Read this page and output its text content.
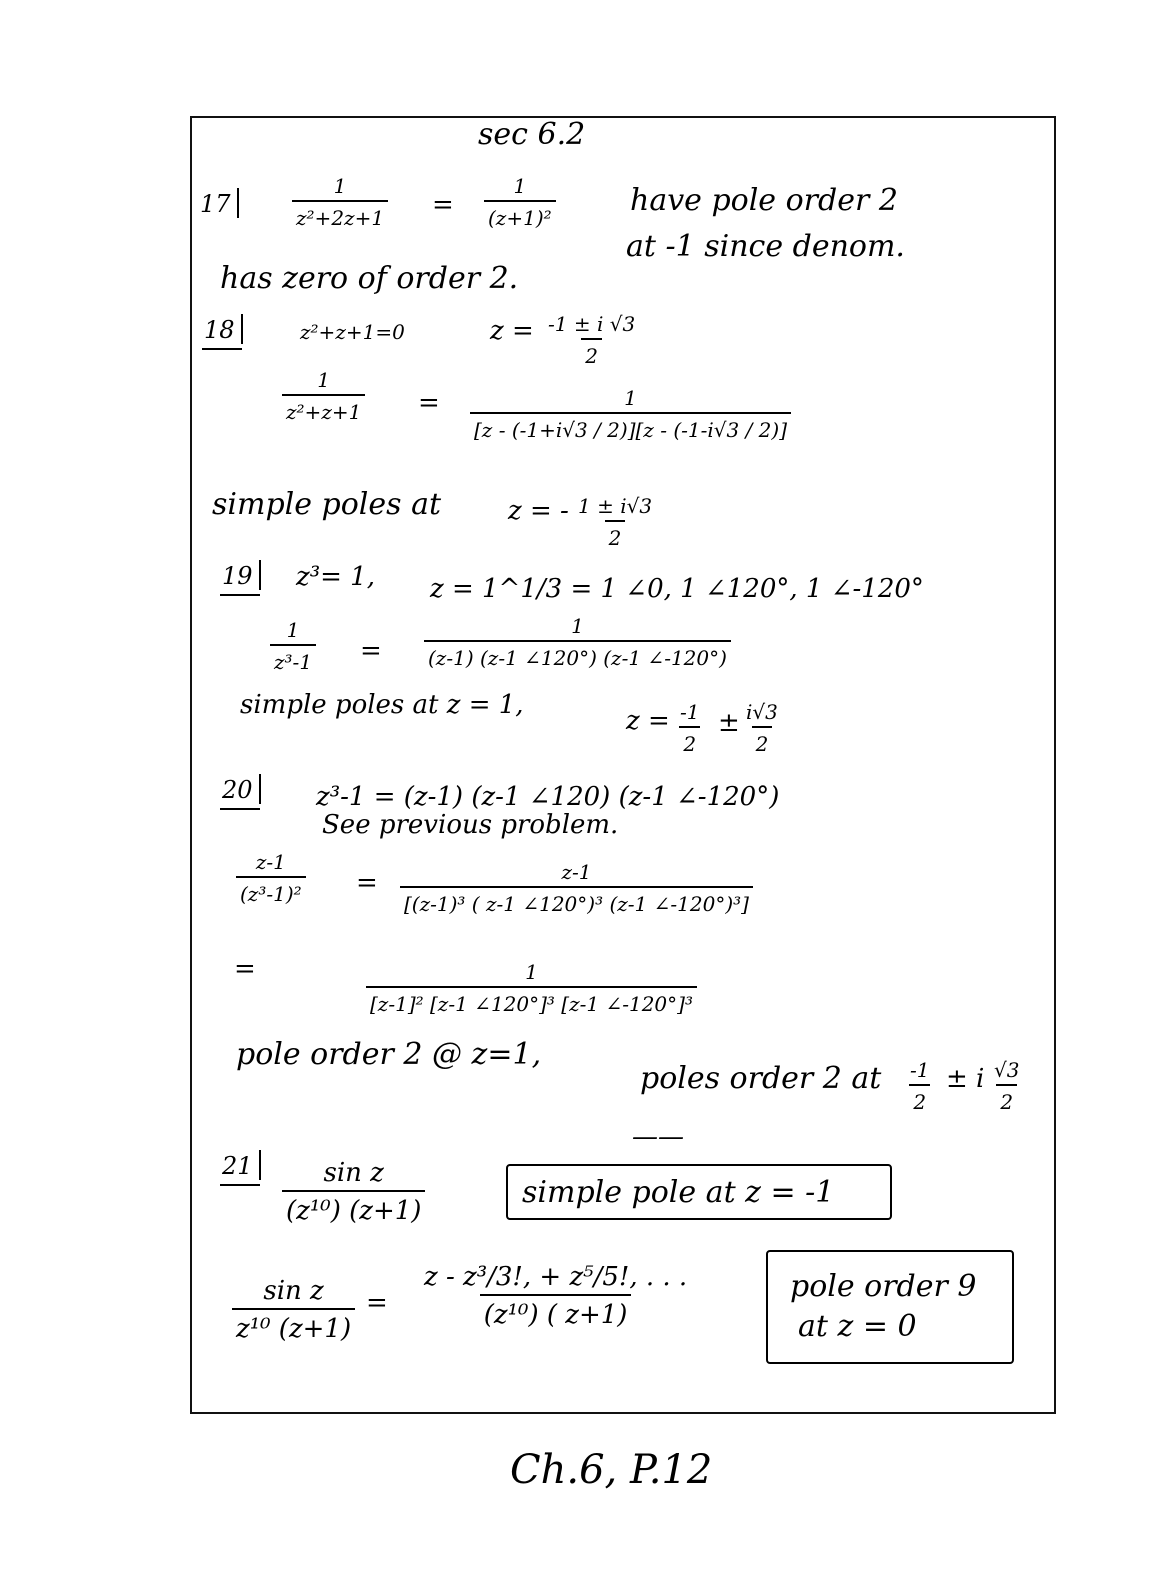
sec 6.2
17	$\frac{1}{\text{z²+2z+1}} = \frac{1}{\text{(z+1)²}}$ have pole order 2
at -1 since denom.
has zero of order 2.
18	z²+z+1=0	$z = \frac{-1 \pm i √3}{2}$
$\frac{1}{\text{z²+z+1}} = \frac{1}{[z - (-1+i√3 / 2)][z - (-1-i√3 / 2)]}$
simple poles at	z = - $\frac{1 \pm i√3}{2}$
19 z³= 1, z = 1^1/3 = 1 ∠0, 1 ∠120°, 1 ∠-120°
$\frac{1}{\text{z³-1}} = \frac{1}{(z-1) (z-1 \angle 120^\circ) (z-1 \angle-120^\circ)}$
simple poles at z = 1,
$z = \frac{-1}{2} \pm \frac{i√3}{2}$
20 z³-1 = (z-1) (z-1 ∠120) (z-1 ∠-120°)
See previous problem.
$\frac{z-1}{\text{(z³-1)²}} = \frac{z-1}{\text{[(z-1)³ ( z-1 ∠120°)³ (z-1 ∠-120°)³]}}$
=	$\frac{1}{\text{[z-1]² [z-1 ∠120°]³ [z-1 ∠-120°]³}}$
pole order 2 @ z=1,
poles order 2 at $\frac{-1}{2} \pm i \frac{√3}{2}$
——
$21 \frac{\text{sin z}}{\text{(z¹⁰) (z+1)}}$	simple pole at z = -1
$\frac{\text{sin z}}{\text{z¹⁰ (z+1)}} = \frac{\text{z - z³/3!, + z⁵/5!, . . .}}{\text{(z¹⁰) ( z+1)}}$	pole order 9
at z = 0
Ch.6, P.12
